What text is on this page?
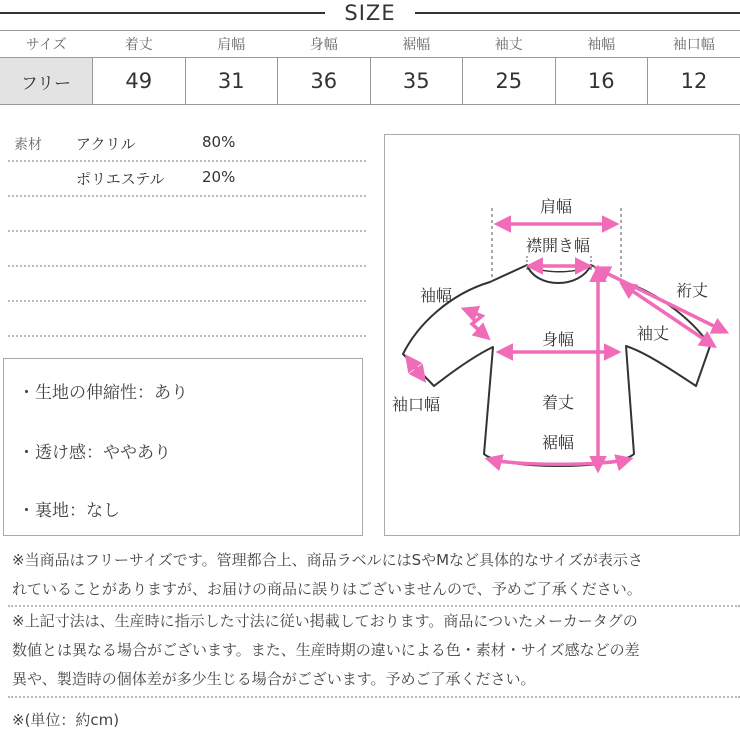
SIZE
サイズ	着丈	肩幅	身幅	裾幅	袖丈	袖幅	袖口幅
フリー	49	31	36	35	25	16	12
素材 アクリル	80%
ポリエステル 20%
・生地の伸縮性：あり
・透け感：ややあり
・裏地：なし
肩幅
襟開き幅
裄丈
袖幅
袖丈
身幅
袖口幅	着丈
裾幅
※当商品はフリーサイズです。管理都合上、商品ラベルにはSやMなど具体的なサイズが表示さ
れていることがありますが、お届けの商品に誤りはございませんので、予めご了承ください。
※上記寸法は、生産時に指示した寸法に従い掲載しております。商品についたメーカータグの
数値とは異なる場合がございます。また、生産時期の違いによる色・素材・サイズ感などの差
異や、製造時の個体差が多少生じる場合がございます。予めご了承ください。
※(単位：約cm)
